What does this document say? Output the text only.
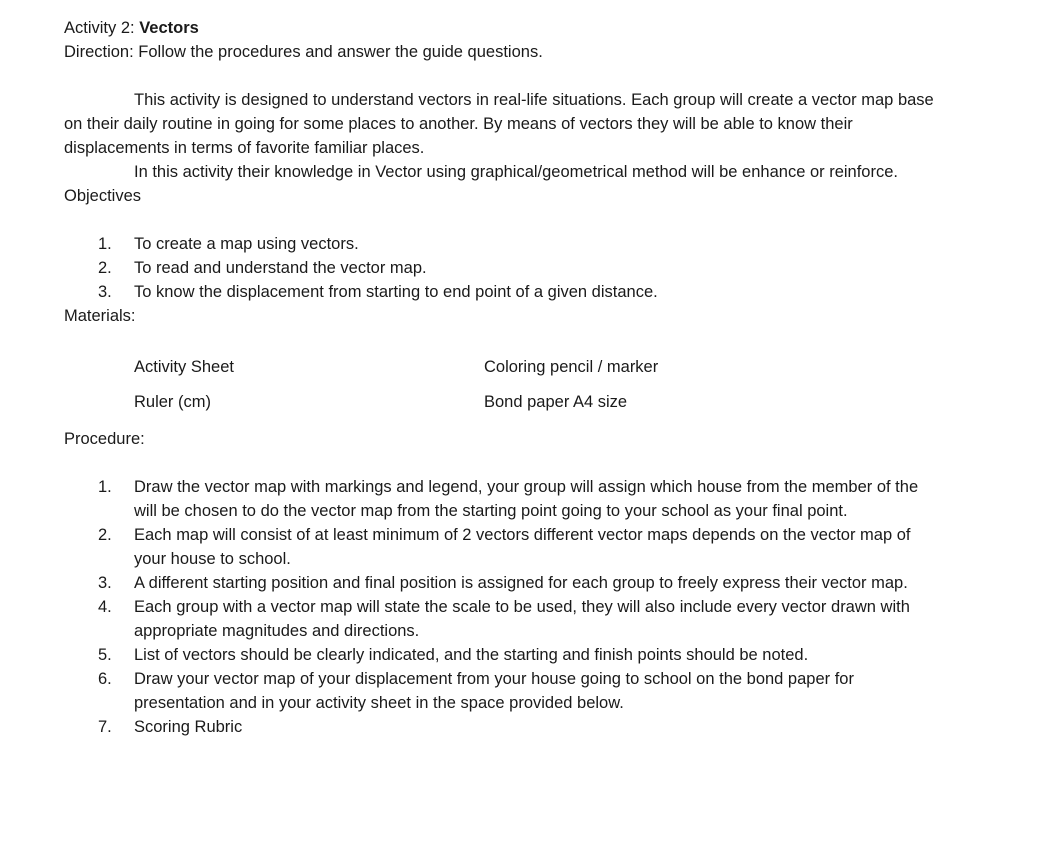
Activity 2: Vectors

Direction: Follow the procedures and answer the guide questions.

This activity is designed to understand vectors in real-life situations. Each group will create a vector map base on their daily routine in going for some places to another. By means of vectors they will be able to know their displacements in terms of favorite familiar places.

In this activity their knowledge in Vector using graphical/geometrical method will be enhance or reinforce.

Objectives

1. To create a map using vectors.
2. To read and understand the vector map.
3. To know the displacement from starting to end point of a given distance.

Materials:

Activity Sheet	Coloring pencil / marker
Ruler (cm)	Bond paper A4 size

Procedure:

1. Draw the vector map with markings and legend, your group will assign which house from the member of the will be chosen to do the vector map from the starting point going to your school as your final point.
2. Each map will consist of at least minimum of 2 vectors different vector maps depends on the vector map of your house to school.
3. A different starting position and final position is assigned for each group to freely express their vector map.
4. Each group with a vector map will state the scale to be used, they will also include every vector drawn with appropriate magnitudes and directions.
5. List of vectors should be clearly indicated, and the starting and finish points should be noted.
6. Draw your vector map of your displacement from your house going to school on the bond paper for presentation and in your activity sheet in the space provided below.
7. Scoring Rubric
